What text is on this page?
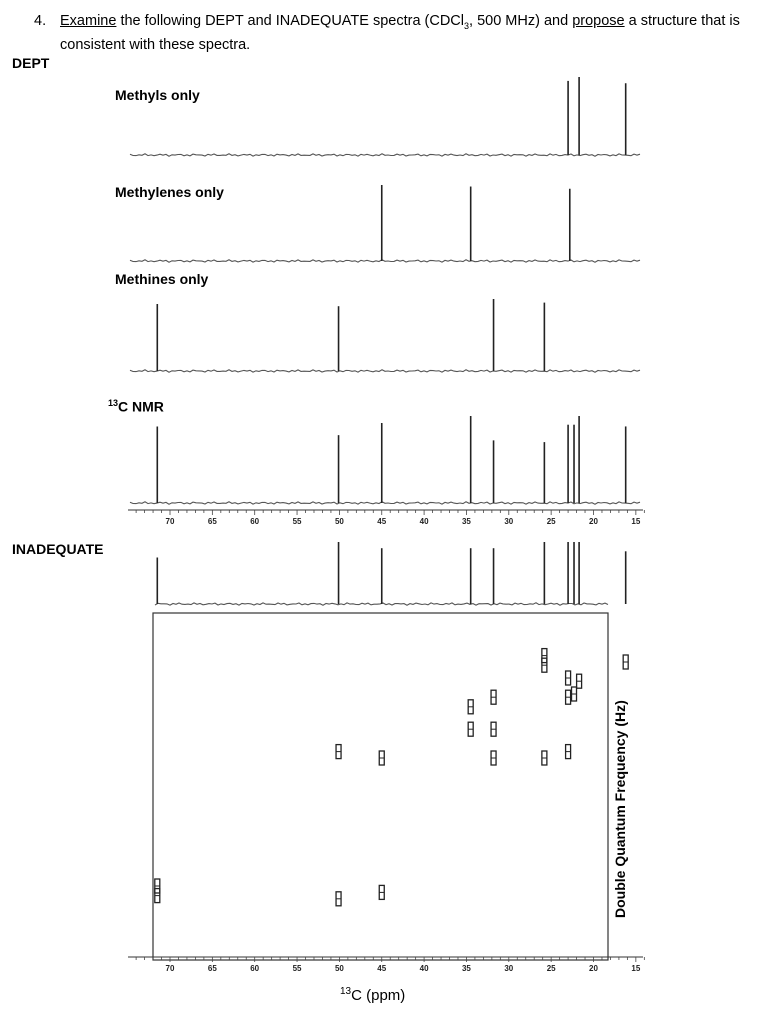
4. Examine the following DEPT and INADEQUATE spectra (CDCl$_3$, 500 MHz) and propose a structure that is consistent with these spectra.
DEPT
INADEQUATE
Methyls only
Methylenes only
Methines only
$^{13}$C NMR
70	65	60	55	50	45	40	35	30	25	20	15
70	65	60	55	50	45	40	35	30	25	20	15
Double Quantum Frequency (Hz)
$^{13}$C (ppm)
